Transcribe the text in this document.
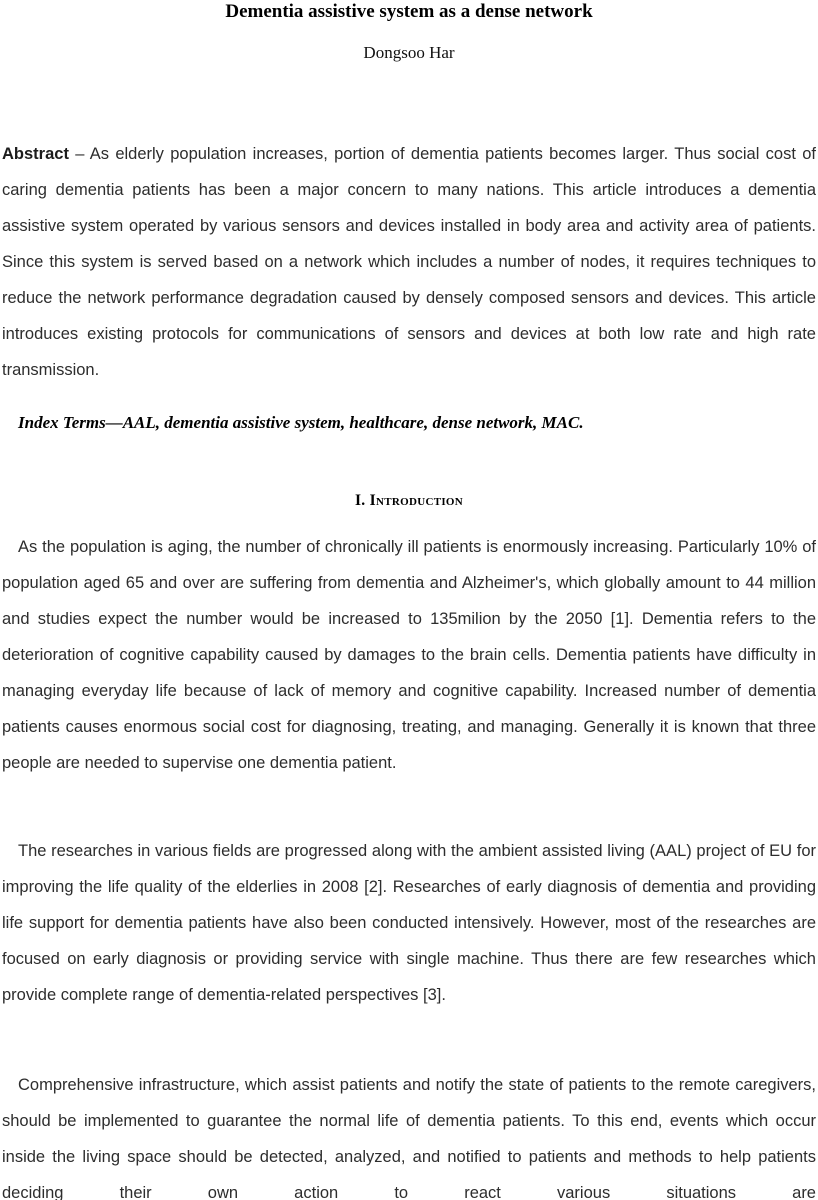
Dementia assistive system as a dense network
Dongsoo Har

Abstract – As elderly population increases, portion of dementia patients becomes larger. Thus social cost of caring dementia patients has been a major concern to many nations. This article introduces a dementia assistive system operated by various sensors and devices installed in body area and activity area of patients. Since this system is served based on a network which includes a number of nodes, it requires techniques to reduce the network performance degradation caused by densely composed sensors and devices. This article introduces existing protocols for communications of sensors and devices at both low rate and high rate transmission.

Index Terms—AAL, dementia assistive system, healthcare, dense network, MAC.

I. Introduction

As the population is aging, the number of chronically ill patients is enormously increasing. Particularly 10% of population aged 65 and over are suffering from dementia and Alzheimer's, which globally amount to 44 million and studies expect the number would be increased to 135milion by the 2050 [1]. Dementia refers to the deterioration of cognitive capability caused by damages to the brain cells. Dementia patients have difficulty in managing everyday life because of lack of memory and cognitive capability. Increased number of dementia patients causes enormous social cost for diagnosing, treating, and managing. Generally it is known that three people are needed to supervise one dementia patient.

The researches in various fields are progressed along with the ambient assisted living (AAL) project of EU for improving the life quality of the elderlies in 2008 [2]. Researches of early diagnosis of dementia and providing life support for dementia patients have also been conducted intensively. However, most of the researches are focused on early diagnosis or providing service with single machine. Thus there are few researches which provide complete range of dementia-related perspectives [3].

Comprehensive infrastructure, which assist patients and notify the state of patients to the remote caregivers, should be implemented to guarantee the normal life of dementia patients. To this end, events which occur inside the living space should be detected, analyzed, and notified to patients and methods to help patients deciding their own action to react various situations are
